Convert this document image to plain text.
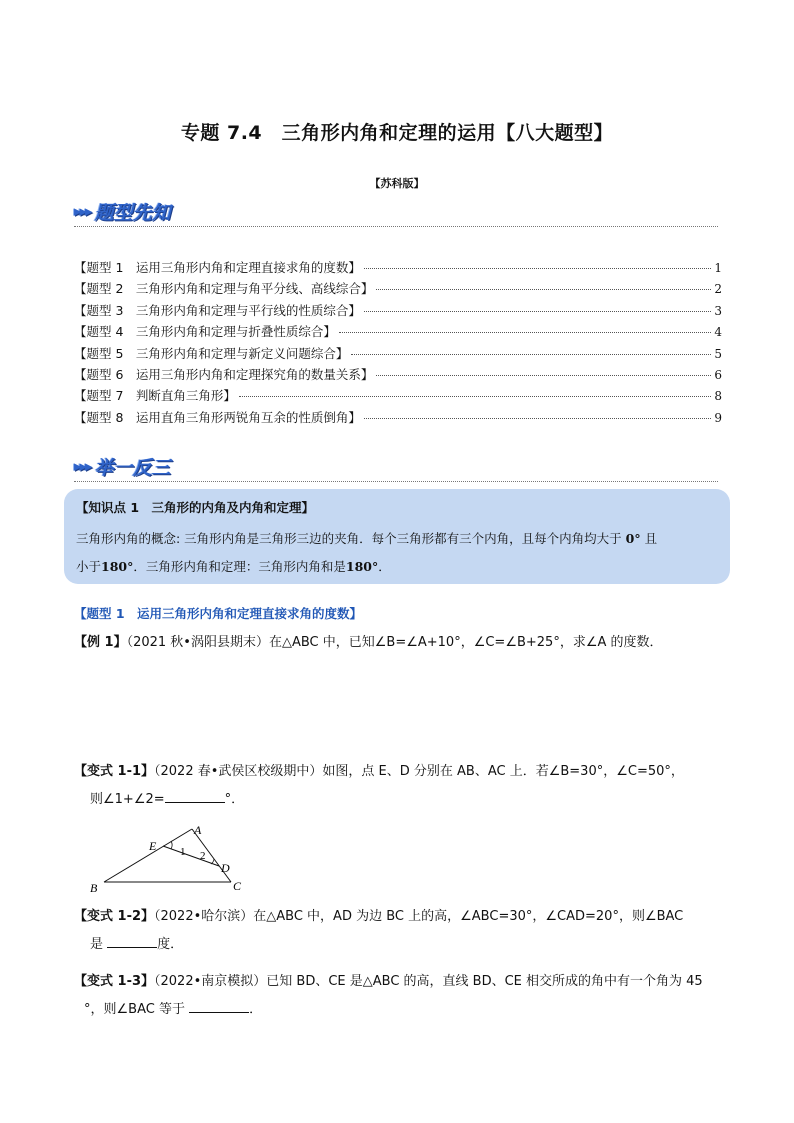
专题 7.4　三角形内角和定理的运用【八大题型】
【苏科版】
▸▸▸ 题型先知
【题型 1　运用三角形内角和定理直接求角的度数】	1
【题型 2　三角形内角和定理与角平分线、高线综合】	2
【题型 3　三角形内角和定理与平行线的性质综合】	3
【题型 4　三角形内角和定理与折叠性质综合】	4
【题型 5　三角形内角和定理与新定义问题综合】	5
【题型 6　运用三角形内角和定理探究角的数量关系】	6
【题型 7　判断直角三角形】	8
【题型 8　运用直角三角形两锐角互余的性质倒角】	9
▸▸▸ 举一反三
【知识点 1　三角形的内角及内角和定理】
三角形内角的概念: 三角形内角是三角形三边的夹角．每个三角形都有三个内角，且每个内角均大于 0° 且
小于180°．三角形内角和定理：三角形内角和是180°．
【题型 1　运用三角形内角和定理直接求角的度数】
【例 1】（2021 秋•涡阳县期末）在△ABC 中，已知∠B=∠A+10°，∠C=∠B+25°，求∠A 的度数．
【变式 1-1】（2022 春•武侯区校级期中）如图，点 E、D 分别在 AB、AC 上．若∠B=30°，∠C=50°，
则∠1+∠2=	°．
A
B	C
D
E 1 2
【变式 1-2】（2022•哈尔滨）在△ABC 中，AD 为边 BC 上的高，∠ABC=30°，∠CAD=20°，则∠BAC
是	度．
【变式 1-3】（2022•南京模拟）已知 BD、CE 是△ABC 的高，直线 BD、CE 相交所成的角中有一个角为 45
°，则∠BAC 等于	．
